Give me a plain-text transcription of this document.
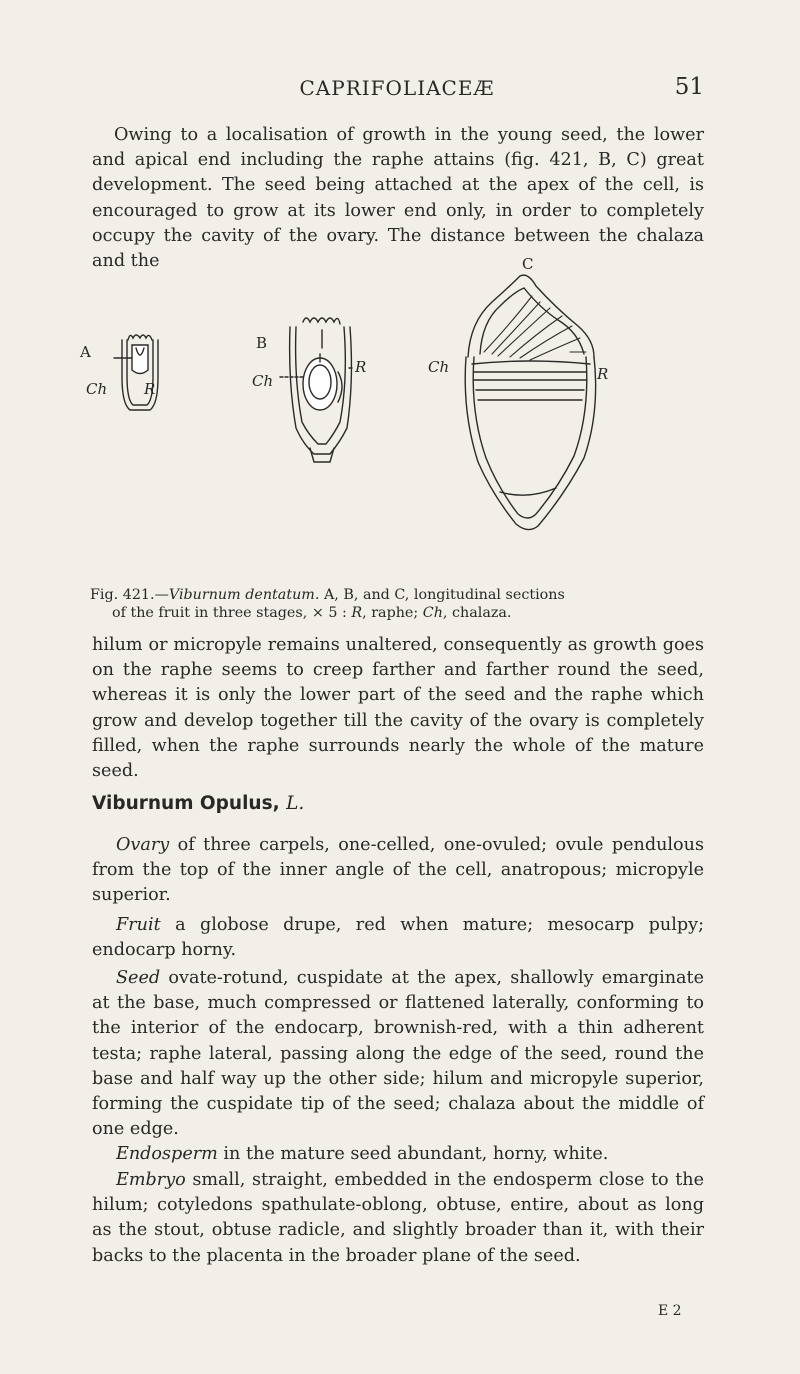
CAPRIFOLIACEÆ	51

Owing to a localisation of growth in the young seed, the lower and apical end including the raphe attains (fig. 421, B, C) great development. The seed being attached at the apex of the cell, is encouraged to grow at its lower end only, in order to completely occupy the cavity of the ovary. The distance between the chalaza and the

A
Ch R
B
Ch
R
C
Ch	R
Fig. 421.—Viburnum dentatum. A, B, and C, longitudinal sections
of the fruit in three stages, × 5 : R, raphe; Ch, chalaza.

hilum or micropyle remains unaltered, consequently as growth goes on the raphe seems to creep farther and farther round the seed, whereas it is only the lower part of the seed and the raphe which grow and develop together till the cavity of the ovary is completely filled, when the raphe surrounds nearly the whole of the mature seed.

Viburnum Opulus, L.

Ovary of three carpels, one-celled, one-ovuled; ovule pendulous from the top of the inner angle of the cell, anatropous; micropyle superior.

Fruit a globose drupe, red when mature; mesocarp pulpy; endocarp horny.

Seed ovate-rotund, cuspidate at the apex, shallowly emarginate at the base, much compressed or flattened laterally, conforming to the interior of the endocarp, brownish-red, with a thin adherent testa; raphe lateral, passing along the edge of the seed, round the base and half way up the other side; hilum and micropyle superior, forming the cuspidate tip of the seed; chalaza about the middle of one edge.

Endosperm in the mature seed abundant, horny, white.

Embryo small, straight, embedded in the endosperm close to the hilum; cotyledons spathulate-oblong, obtuse, entire, about as long as the stout, obtuse radicle, and slightly broader than it, with their backs to the placenta in the broader plane of the seed.

E 2
